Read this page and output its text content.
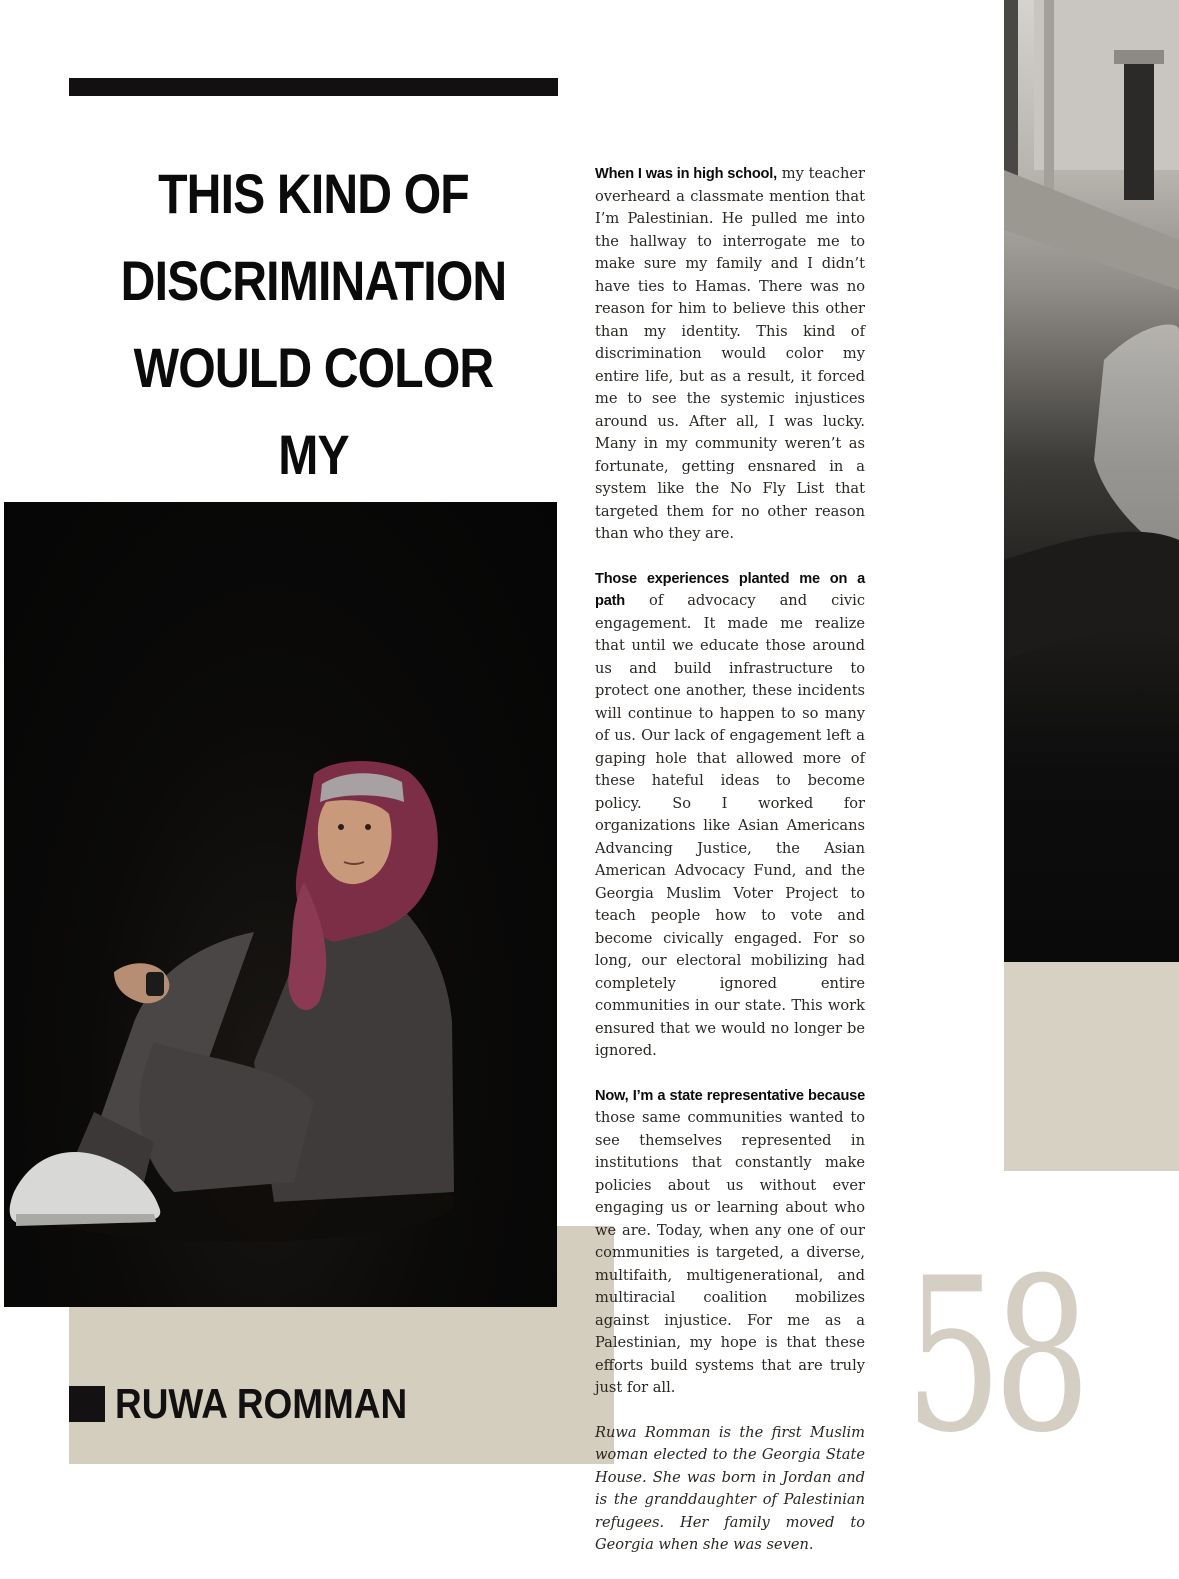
THIS KIND OF
DISCRIMINATION
WOULD COLOR MY

RUWA ROMMAN

When I was in high school, my teacher overheard a classmate mention that I’m Palestinian. He pulled me into the hallway to interrogate me to make sure my family and I didn’t have ties to Hamas. There was no reason for him to believe this other than my identity. This kind of discrimination would color my entire life, but as a result, it forced me to see the systemic injustices around us. After all, I was lucky. Many in my community weren’t as fortunate, getting ensnared in a system like the No Fly List that targeted them for no other reason than who they are.

Those experiences planted me on a path of advocacy and civic engagement. It made me realize that until we educate those around us and build infrastructure to protect one another, these incidents will continue to happen to so many of us. Our lack of engagement left a gaping hole that allowed more of these hateful ideas to become policy. So I worked for organizations like Asian Americans Advancing Justice, the Asian American Advocacy Fund, and the Georgia Muslim Voter Project to teach people how to vote and become civically engaged. For so long, our electoral mobilizing had completely ignored entire communities in our state. This work ensured that we would no longer be ignored.

Now, I’m a state representative because those same communities wanted to see themselves represented in institutions that constantly make policies about us without ever engaging us or learning about who we are. Today, when any one of our communities is targeted, a diverse, multifaith, multigenerational, and multiracial coalition mobilizes against injustice. For me as a Palestinian, my hope is that these efforts build systems that are truly just for all.

Ruwa Romman is the first Muslim woman elected to the Georgia State House. She was born in Jordan and is the granddaughter of Palestinian refugees. Her family moved to Georgia when she was seven.

58
